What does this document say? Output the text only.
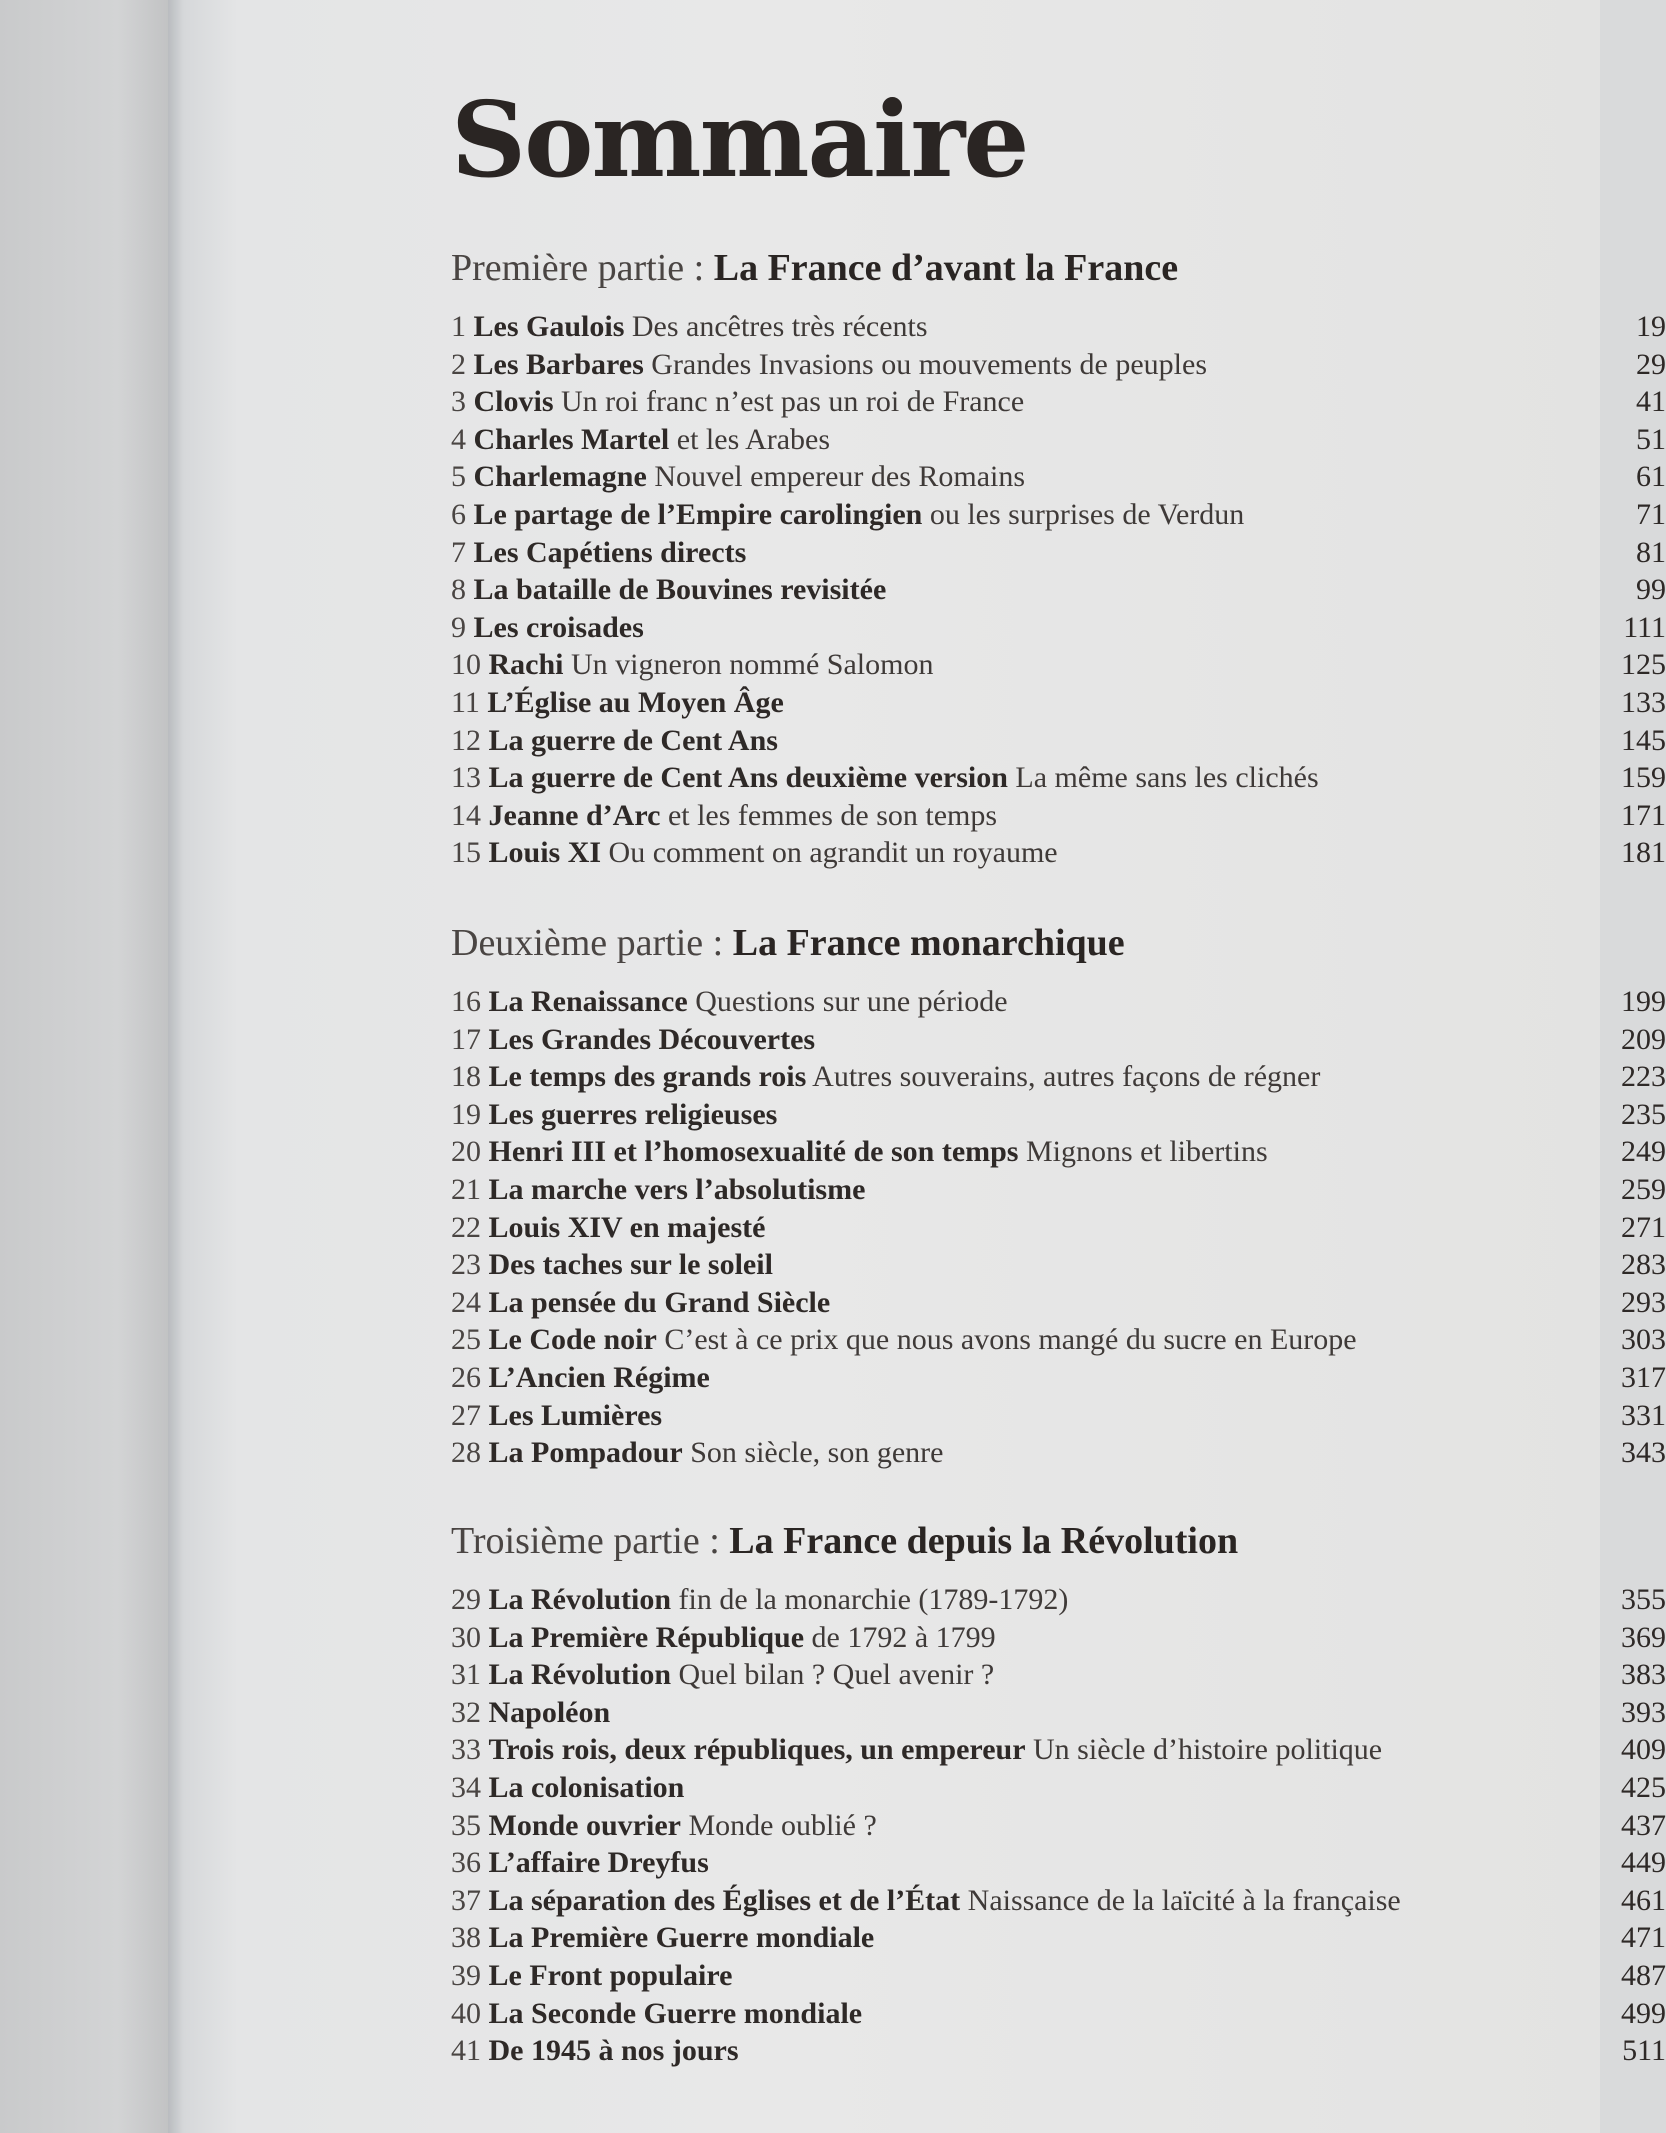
Sommaire
Première partie : La France d’avant la France
1 Les Gaulois Des ancêtres très récents	19
2 Les Barbares Grandes Invasions ou mouvements de peuples	29
3 Clovis Un roi franc n’est pas un roi de France	41
4 Charles Martel et les Arabes	51
5 Charlemagne Nouvel empereur des Romains	61
6 Le partage de l’Empire carolingien ou les surprises de Verdun	71
7 Les Capétiens directs	81
8 La bataille de Bouvines revisitée	99
9 Les croisades	111
10 Rachi Un vigneron nommé Salomon	125
11 L’Église au Moyen Âge	133
12 La guerre de Cent Ans	145
13 La guerre de Cent Ans deuxième version La même sans les clichés	159
14 Jeanne d’Arc et les femmes de son temps	171
15 Louis XI Ou comment on agrandit un royaume	181
Deuxième partie : La France monarchique
16 La Renaissance Questions sur une période	199
17 Les Grandes Découvertes	209
18 Le temps des grands rois Autres souverains, autres façons de régner	223
19 Les guerres religieuses	235
20 Henri III et l’homosexualité de son temps Mignons et libertins	249
21 La marche vers l’absolutisme	259
22 Louis XIV en majesté	271
23 Des taches sur le soleil	283
24 La pensée du Grand Siècle	293
25 Le Code noir C’est à ce prix que nous avons mangé du sucre en Europe	303
26 L’Ancien Régime	317
27 Les Lumières	331
28 La Pompadour Son siècle, son genre	343
Troisième partie : La France depuis la Révolution
29 La Révolution fin de la monarchie (1789-1792)	355
30 La Première République de 1792 à 1799	369
31 La Révolution Quel bilan ? Quel avenir ?	383
32 Napoléon	393
33 Trois rois, deux républiques, un empereur Un siècle d’histoire politique	409
34 La colonisation	425
35 Monde ouvrier Monde oublié ?	437
36 L’affaire Dreyfus	449
37 La séparation des Églises et de l’État Naissance de la laïcité à la française	461
38 La Première Guerre mondiale	471
39 Le Front populaire	487
40 La Seconde Guerre mondiale	499
41 De 1945 à nos jours	511
